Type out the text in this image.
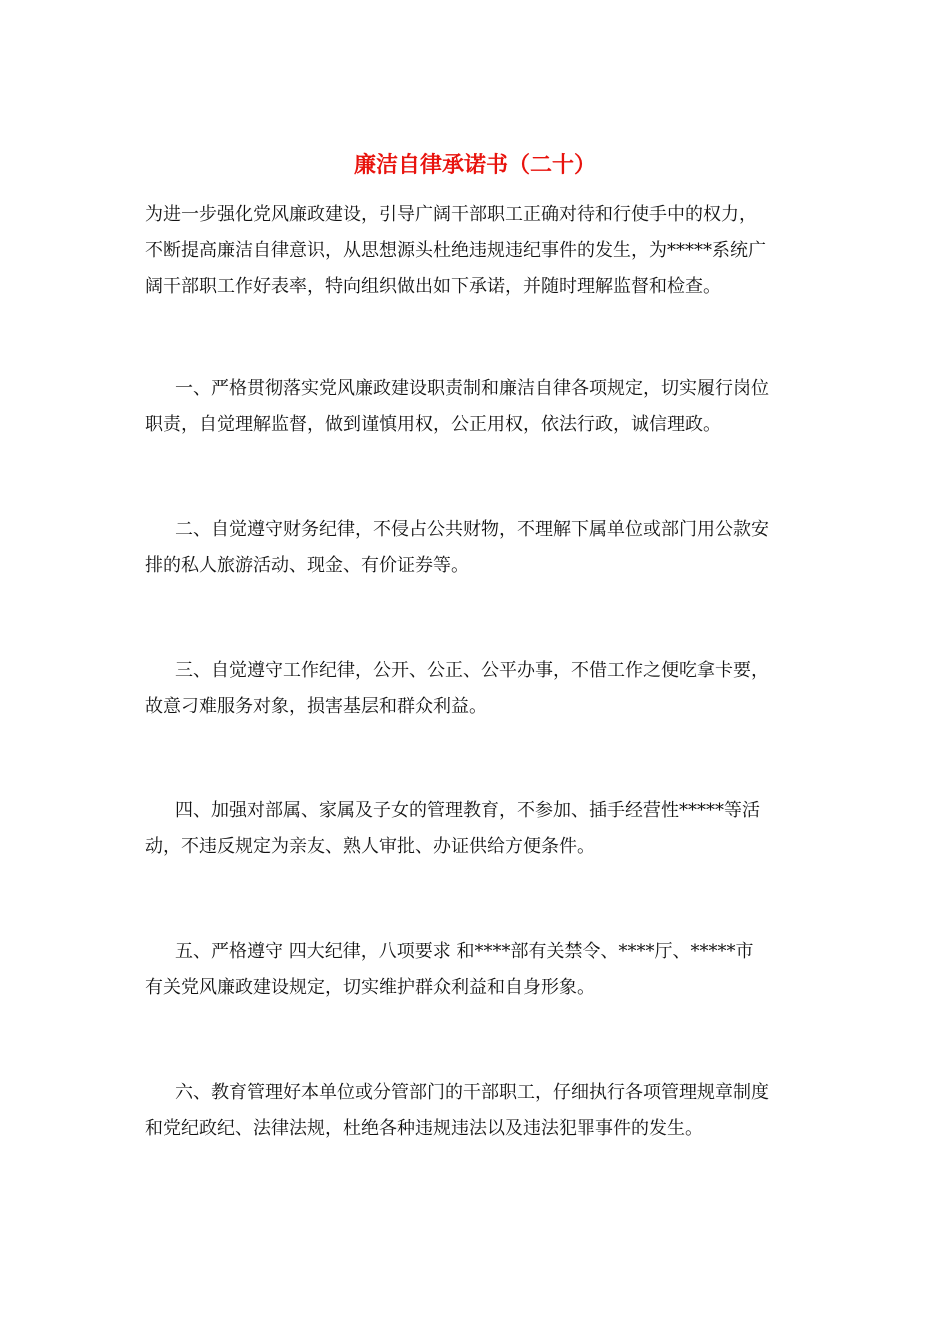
廉洁自律承诺书（二十）
为进一步强化党风廉政建设，引导广阔干部职工正确对待和行使手中的权力，
不断提高廉洁自律意识，从思想源头杜绝违规违纪事件的发生，为*****系统广
阔干部职工作好表率，特向组织做出如下承诺，并随时理解监督和检查。
一、严格贯彻落实党风廉政建设职责制和廉洁自律各项规定，切实履行岗位
职责，自觉理解监督，做到谨慎用权，公正用权，依法行政，诚信理政。
二、自觉遵守财务纪律，不侵占公共财物，不理解下属单位或部门用公款安
排的私人旅游活动、现金、有价证券等。
三、自觉遵守工作纪律，公开、公正、公平办事，不借工作之便吃拿卡要，
故意刁难服务对象，损害基层和群众利益。
四、加强对部属、家属及子女的管理教育，不参加、插手经营性*****等活
动，不违反规定为亲友、熟人审批、办证供给方便条件。
五、严格遵守 四大纪律，八项要求 和****部有关禁令、****厅、*****市
有关党风廉政建设规定，切实维护群众利益和自身形象。
六、教育管理好本单位或分管部门的干部职工，仔细执行各项管理规章制度
和党纪政纪、法律法规，杜绝各种违规违法以及违法犯罪事件的发生。
